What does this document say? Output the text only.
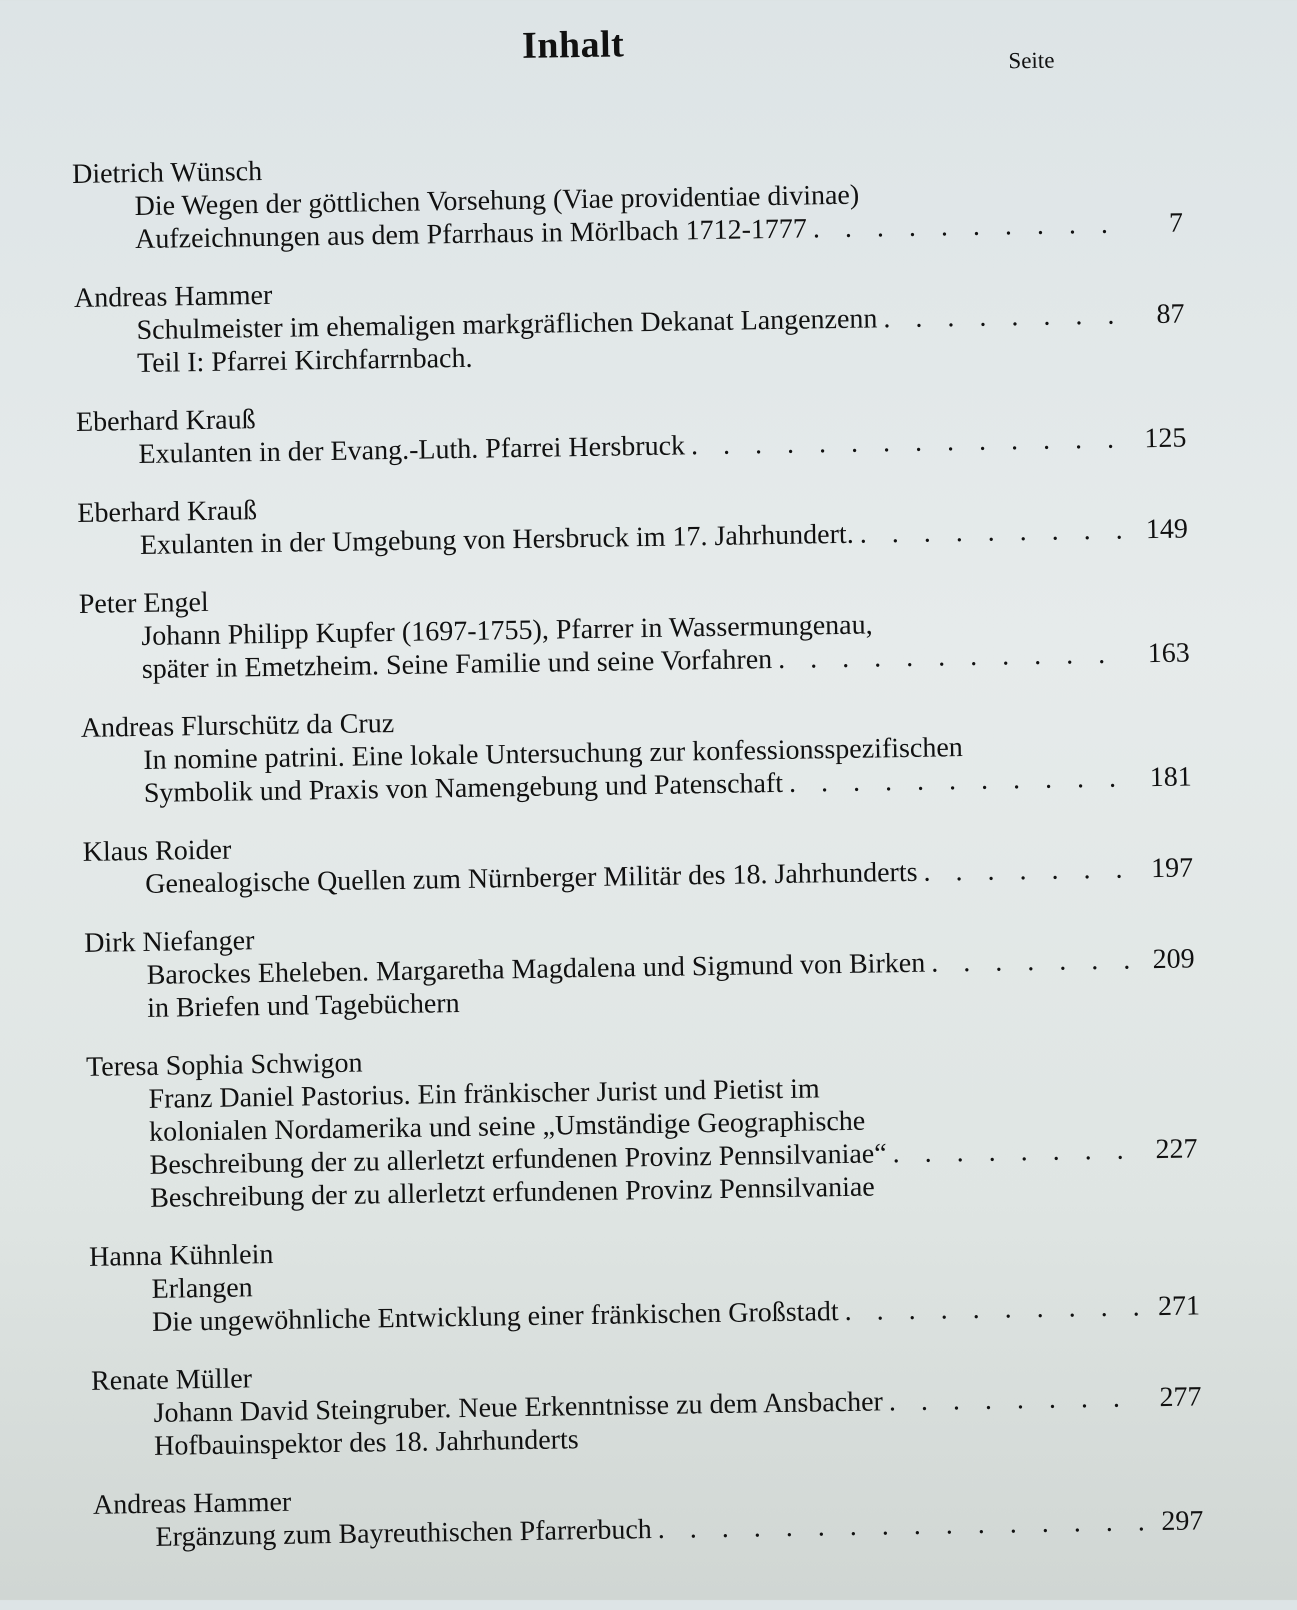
Inhalt	Seite
Dietrich Wünsch
Die Wegen der göttlichen Vorsehung (Viae providentiae divinae)
Aufzeichnungen aus dem Pfarrhaus in Mörlbach 1712-1777 . . .	7
Andreas Hammer
Schulmeister im ehemaligen markgräflichen Dekanat Langenzenn . . .	87
Teil I: Pfarrei Kirchfarrnbach.
Eberhard Krauß
Exulanten in der Evang.-Luth. Pfarrei Hersbruck . . .	125
Eberhard Krauß
Exulanten in der Umgebung von Hersbruck im 17. Jahrhundert. . . .	149
Peter Engel
Johann Philipp Kupfer (1697-1755), Pfarrer in Wassermungenau,
später in Emetzheim. Seine Familie und seine Vorfahren . . .	163
Andreas Flurschütz da Cruz
In nomine patrini. Eine lokale Untersuchung zur konfessionsspezifischen
Symbolik und Praxis von Namengebung und Patenschaft . . .	181
Klaus Roider
Genealogische Quellen zum Nürnberger Militär des 18. Jahrhunderts . . .	197
Dirk Niefanger
Barockes Eheleben. Margaretha Magdalena und Sigmund von Birken . . .	209
in Briefen und Tagebüchern
Teresa Sophia Schwigon
Franz Daniel Pastorius. Ein fränkischer Jurist und Pietist im
kolonialen Nordamerika und seine „Umständige Geographische
Beschreibung der zu allerletzt erfundenen Provinz Pennsilvaniae“ . . .	227
Beschreibung der zu allerletzt erfundenen Provinz Pennsilvaniae
Hanna Kühnlein
Erlangen
Die ungewöhnliche Entwicklung einer fränkischen Großstadt . . .	271
Renate Müller
Johann David Steingruber. Neue Erkenntnisse zu dem Ansbacher . . .	277
Hofbauinspektor des 18. Jahrhunderts
Andreas Hammer
Ergänzung zum Bayreuthischen Pfarrerbuch . . .	297
